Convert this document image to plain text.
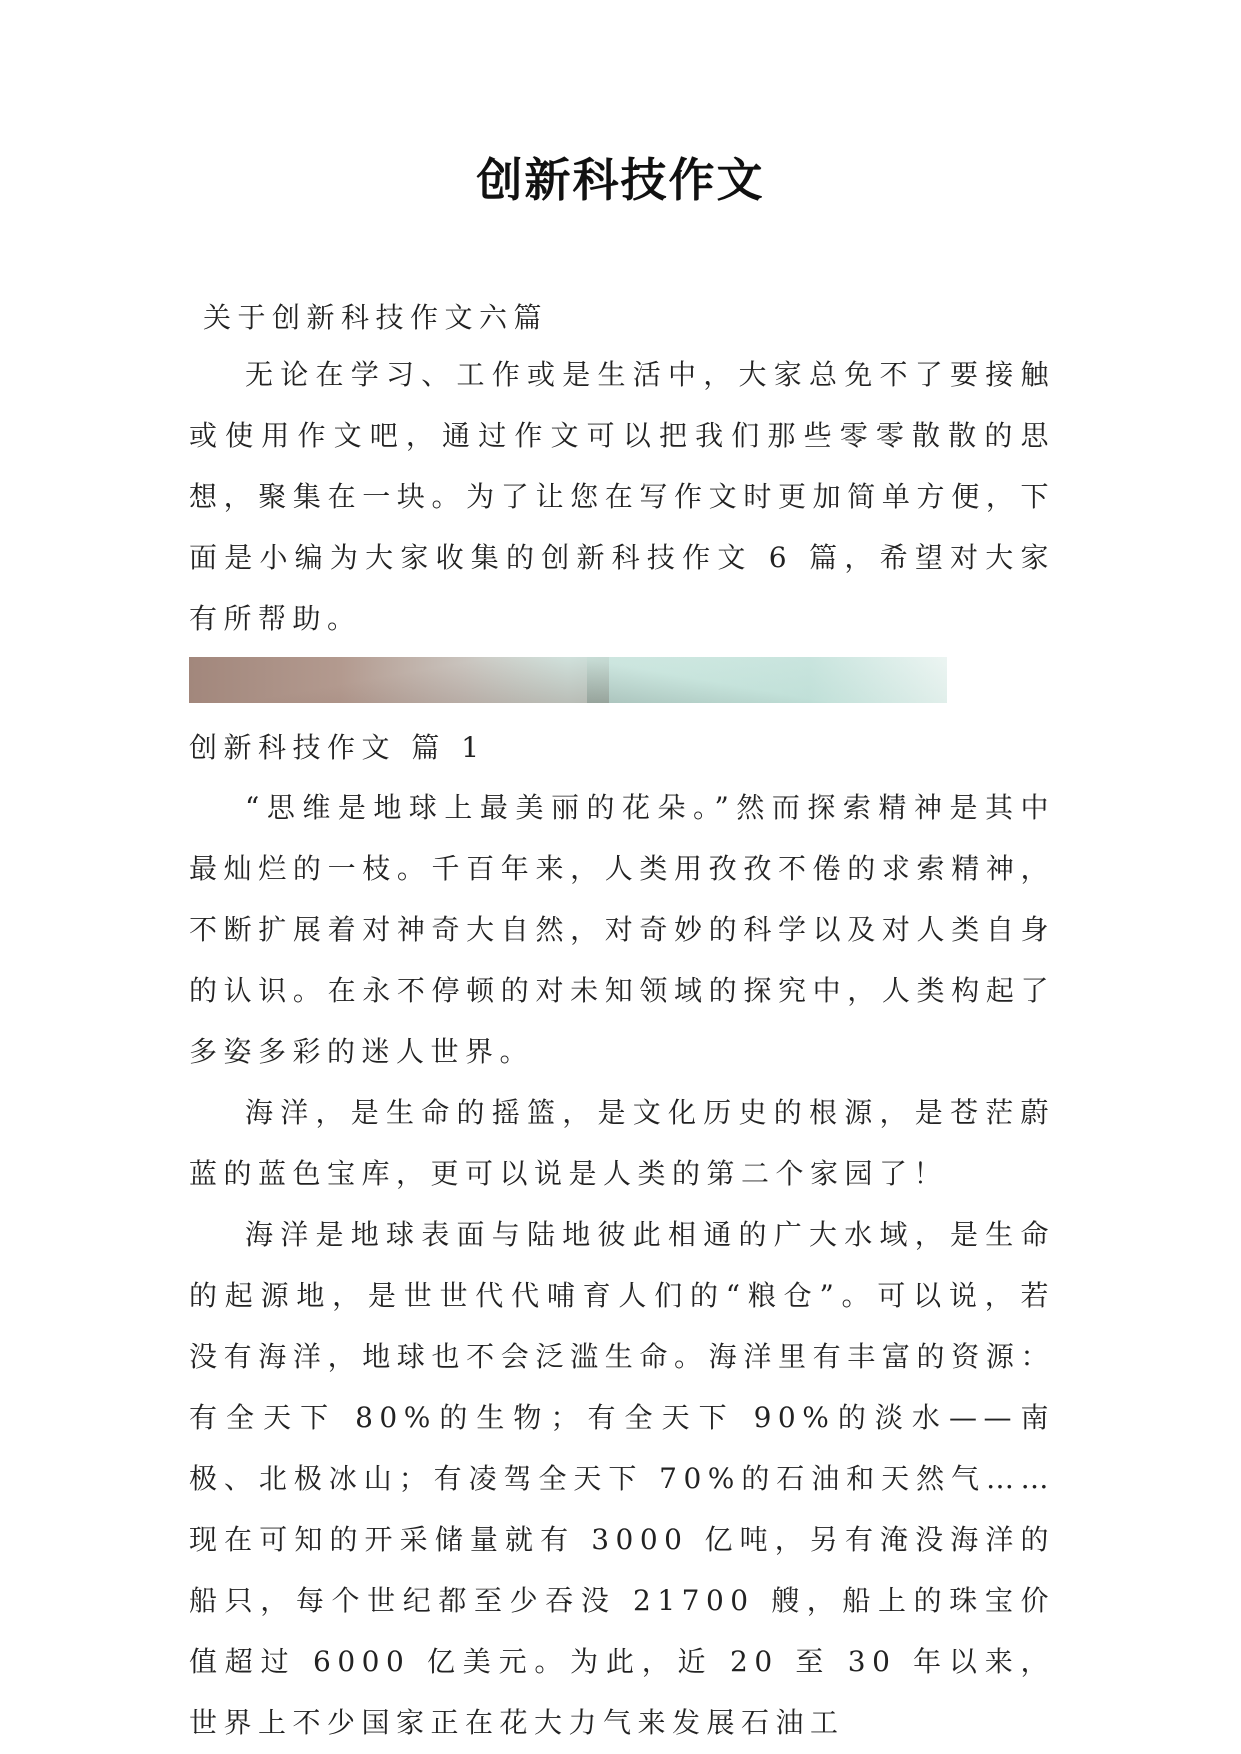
创新科技作文
关于创新科技作文六篇

无论在学习、工作或是生活中，大家总免不了要接触或使用作文吧，通过作文可以把我们那些零零散散的思想，聚集在一块。为了让您在写作文时更加简单方便，下面是小编为大家收集的创新科技作文 6 篇，希望对大家有所帮助。

创新科技作文 篇 1

“思维是地球上最美丽的花朵。”然而探索精神是其中最灿烂的一枝。千百年来，人类用孜孜不倦的求索精神，不断扩展着对神奇大自然，对奇妙的科学以及对人类自身的认识。在永不停顿的对未知领域的探究中，人类构起了多姿多彩的迷人世界。

海洋，是生命的摇篮，是文化历史的根源，是苍茫蔚蓝的蓝色宝库，更可以说是人类的第二个家园了！

海洋是地球表面与陆地彼此相通的广大水域，是生命的起源地，是世世代代哺育人们的“粮仓”。可以说，若没有海洋，地球也不会泛滥生命。海洋里有丰富的资源：有全天下 80%的生物；有全天下 90%的淡水——南极、北极冰山；有凌驾全天下 70%的石油和天然气……现在可知的开采储量就有 3000 亿吨，另有淹没海洋的船只，每个世纪都至少吞没 21700 艘，船上的珠宝价值超过 6000 亿美元。为此，近 20 至 30 年以来，世界上不少国家正在花大力气来发展石油工
